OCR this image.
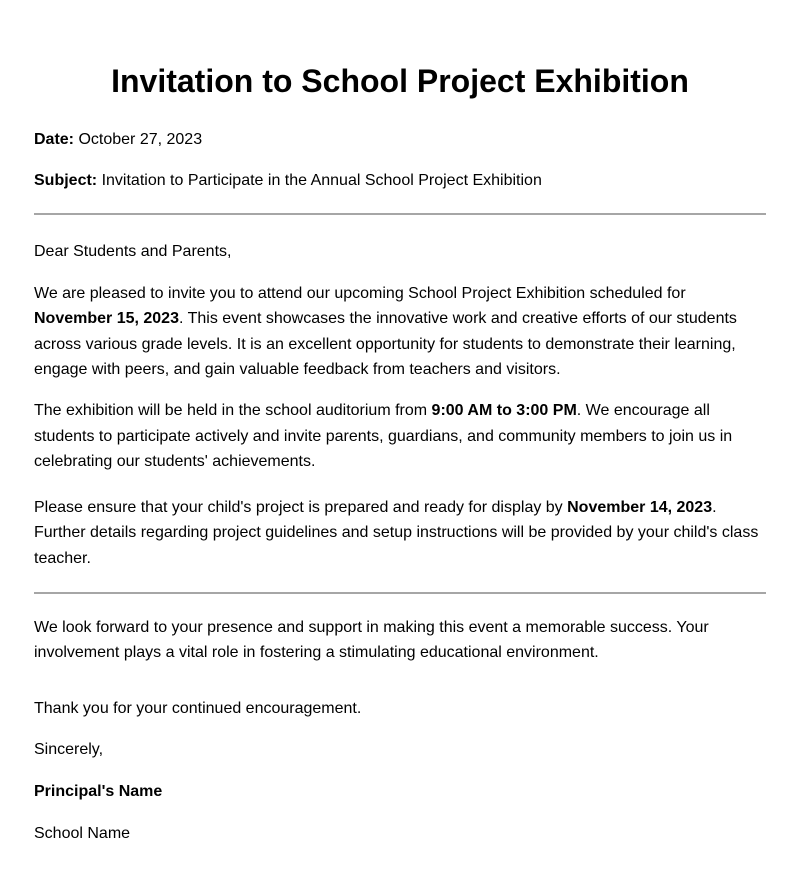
Invitation to School Project Exhibition
Date: October 27, 2023
Subject: Invitation to Participate in the Annual School Project Exhibition

Dear Students and Parents,

We are pleased to invite you to attend our upcoming School Project Exhibition scheduled for November 15, 2023. This event showcases the innovative work and creative efforts of our students across various grade levels. It is an excellent opportunity for students to demonstrate their learning, engage with peers, and gain valuable feedback from teachers and visitors.

The exhibition will be held in the school auditorium from 9:00 AM to 3:00 PM. We encourage all students to participate actively and invite parents, guardians, and community members to join us in celebrating our students' achievements.

Please ensure that your child's project is prepared and ready for display by November 14, 2023. Further details regarding project guidelines and setup instructions will be provided by your child's class teacher.

We look forward to your presence and support in making this event a memorable success. Your involvement plays a vital role in fostering a stimulating educational environment.

Thank you for your continued encouragement.

Sincerely,

Principal's Name

School Name
